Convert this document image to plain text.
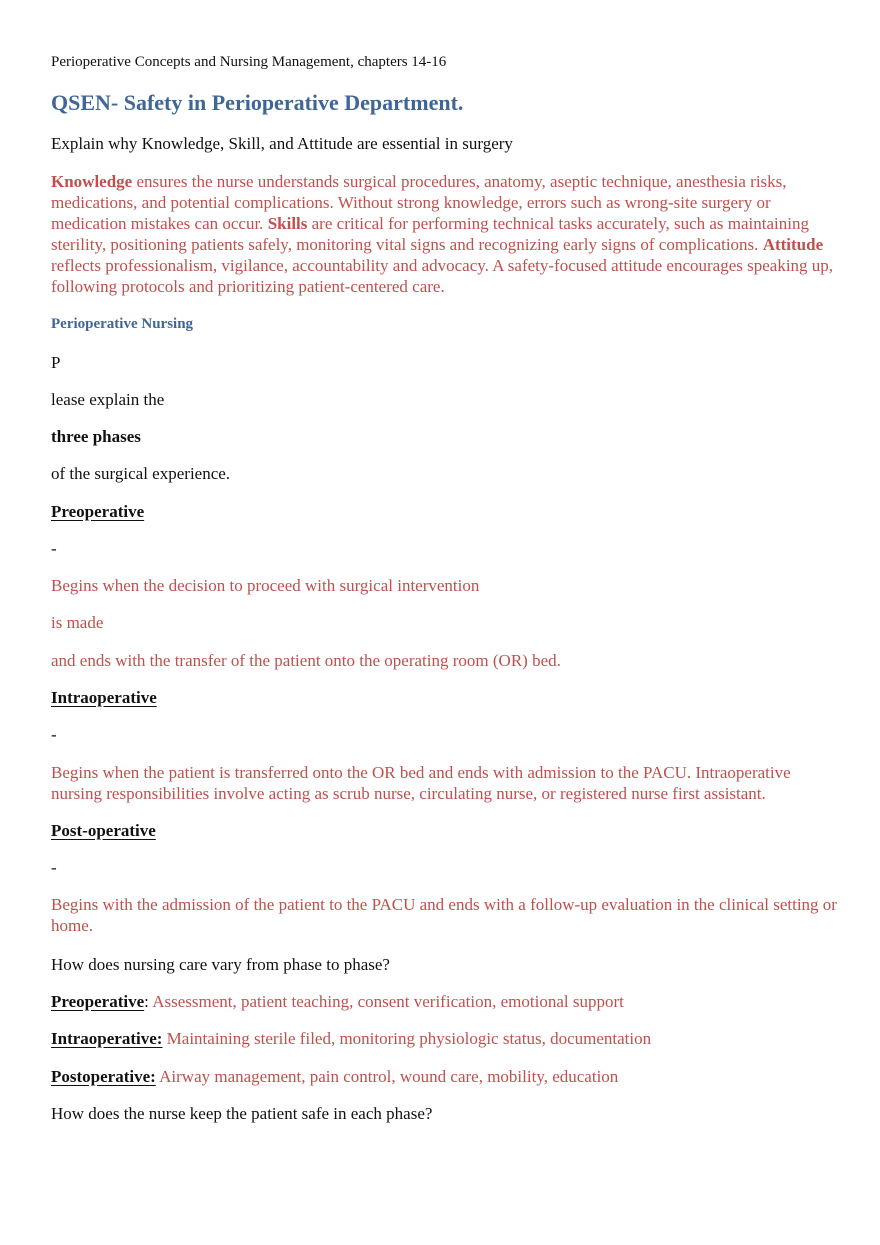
Perioperative Concepts and Nursing Management, chapters 14-16
QSEN- Safety in Perioperative Department.
Explain why Knowledge, Skill, and Attitude are essential in surgery
Knowledge ensures the nurse understands surgical procedures, anatomy, aseptic technique, anesthesia risks, medications, and potential complications. Without strong knowledge, errors such as wrong-site surgery or medication mistakes can occur. Skills are critical for performing technical tasks accurately, such as maintaining sterility, positioning patients safely, monitoring vital signs and recognizing early signs of complications. Attitude reflects professionalism, vigilance, accountability and advocacy. A safety-focused attitude encourages speaking up, following protocols and prioritizing patient-centered care.
Perioperative Nursing
P
lease explain the
three phases
of the surgical experience.
Preoperative
-
Begins when the decision to proceed with surgical intervention
is made
and ends with the transfer of the patient onto the operating room (OR) bed.
Intraoperative
-
Begins when the patient is transferred onto the OR bed and ends with admission to the PACU. Intraoperative nursing responsibilities involve acting as scrub nurse, circulating nurse, or registered nurse first assistant.
Post-operative
-
Begins with the admission of the patient to the PACU and ends with a follow-up evaluation in the clinical setting or home.
How does nursing care vary from phase to phase?
Preoperative: Assessment, patient teaching, consent verification, emotional support
Intraoperative: Maintaining sterile filed, monitoring physiologic status, documentation
Postoperative: Airway management, pain control, wound care, mobility, education
How does the nurse keep the patient safe in each phase?
